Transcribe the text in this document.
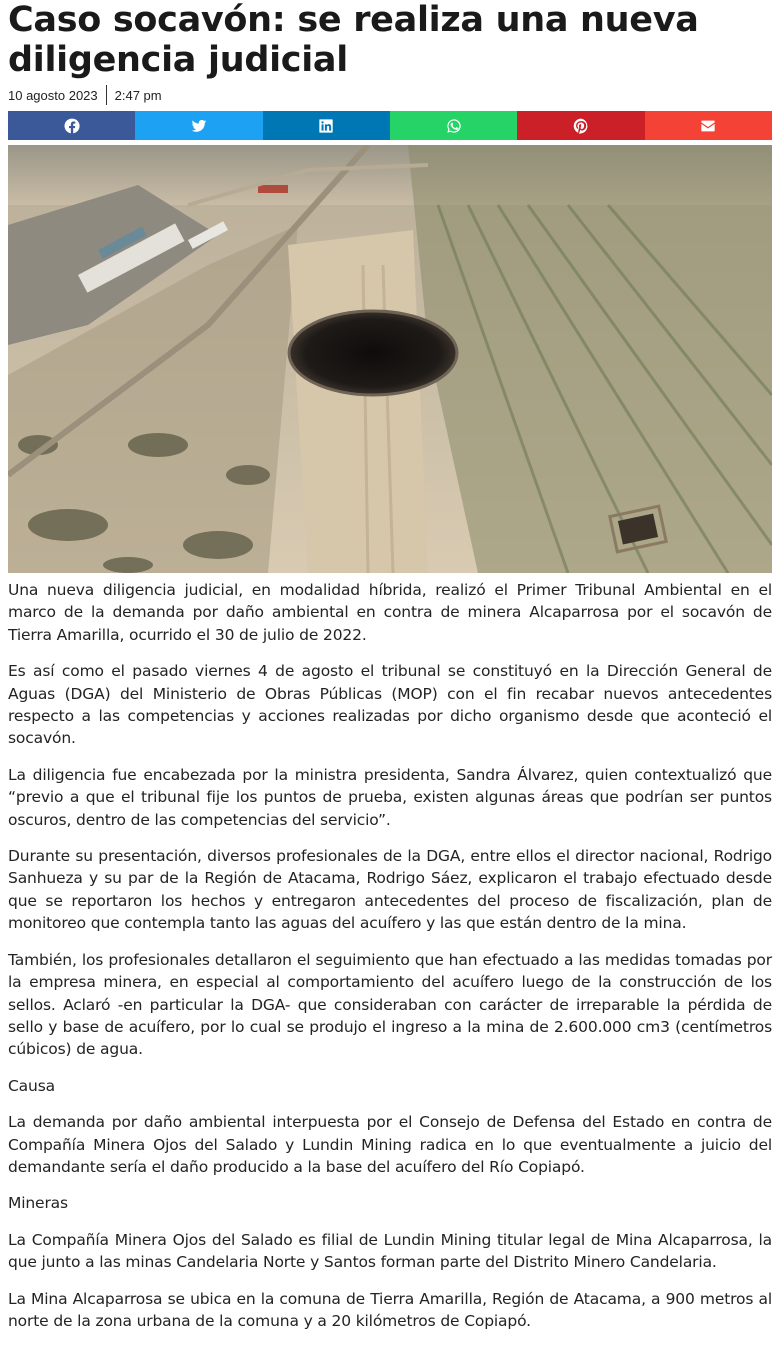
Caso socavón: se realiza una nueva diligencia judicial
10 agosto 2023 2:47 pm

Una nueva diligencia judicial, en modalidad híbrida, realizó el Primer Tribunal Ambiental en el marco de la demanda por daño ambiental en contra de minera Alcaparrosa por el socavón de Tierra Amarilla, ocurrido el 30 de julio de 2022.

Es así como el pasado viernes 4 de agosto el tribunal se constituyó en la Dirección General de Aguas (DGA) del Ministerio de Obras Públicas (MOP) con el fin recabar nuevos antecedentes respecto a las competencias y acciones realizadas por dicho organismo desde que aconteció el socavón.

La diligencia fue encabezada por la ministra presidenta, Sandra Álvarez, quien contextualizó que “previo a que el tribunal fije los puntos de prueba, existen algunas áreas que podrían ser puntos oscuros, dentro de las competencias del servicio”.

Durante su presentación, diversos profesionales de la DGA, entre ellos el director nacional, Rodrigo Sanhueza y su par de la Región de Atacama, Rodrigo Sáez, explicaron el trabajo efectuado desde que se reportaron los hechos y entregaron antecedentes del proceso de fiscalización, plan de monitoreo que contempla tanto las aguas del acuífero y las que están dentro de la mina.

También, los profesionales detallaron el seguimiento que han efectuado a las medidas tomadas por la empresa minera, en especial al comportamiento del acuífero luego de la construcción de los sellos. Aclaró -en particular la DGA- que consideraban con carácter de irreparable la pérdida de sello y base de acuífero, por lo cual se produjo el ingreso a la mina de 2.600.000 cm3 (centímetros cúbicos) de agua.

Causa

La demanda por daño ambiental interpuesta por el Consejo de Defensa del Estado en contra de Compañía Minera Ojos del Salado y Lundin Mining radica en lo que eventualmente a juicio del demandante sería el daño producido a la base del acuífero del Río Copiapó.

Mineras

La Compañía Minera Ojos del Salado es filial de Lundin Mining titular legal de Mina Alcaparrosa, la que junto a las minas Candelaria Norte y Santos forman parte del Distrito Minero Candelaria.

La Mina Alcaparrosa se ubica en la comuna de Tierra Amarilla, Región de Atacama, a 900 metros al norte de la zona urbana de la comuna y a 20 kilómetros de Copiapó.
